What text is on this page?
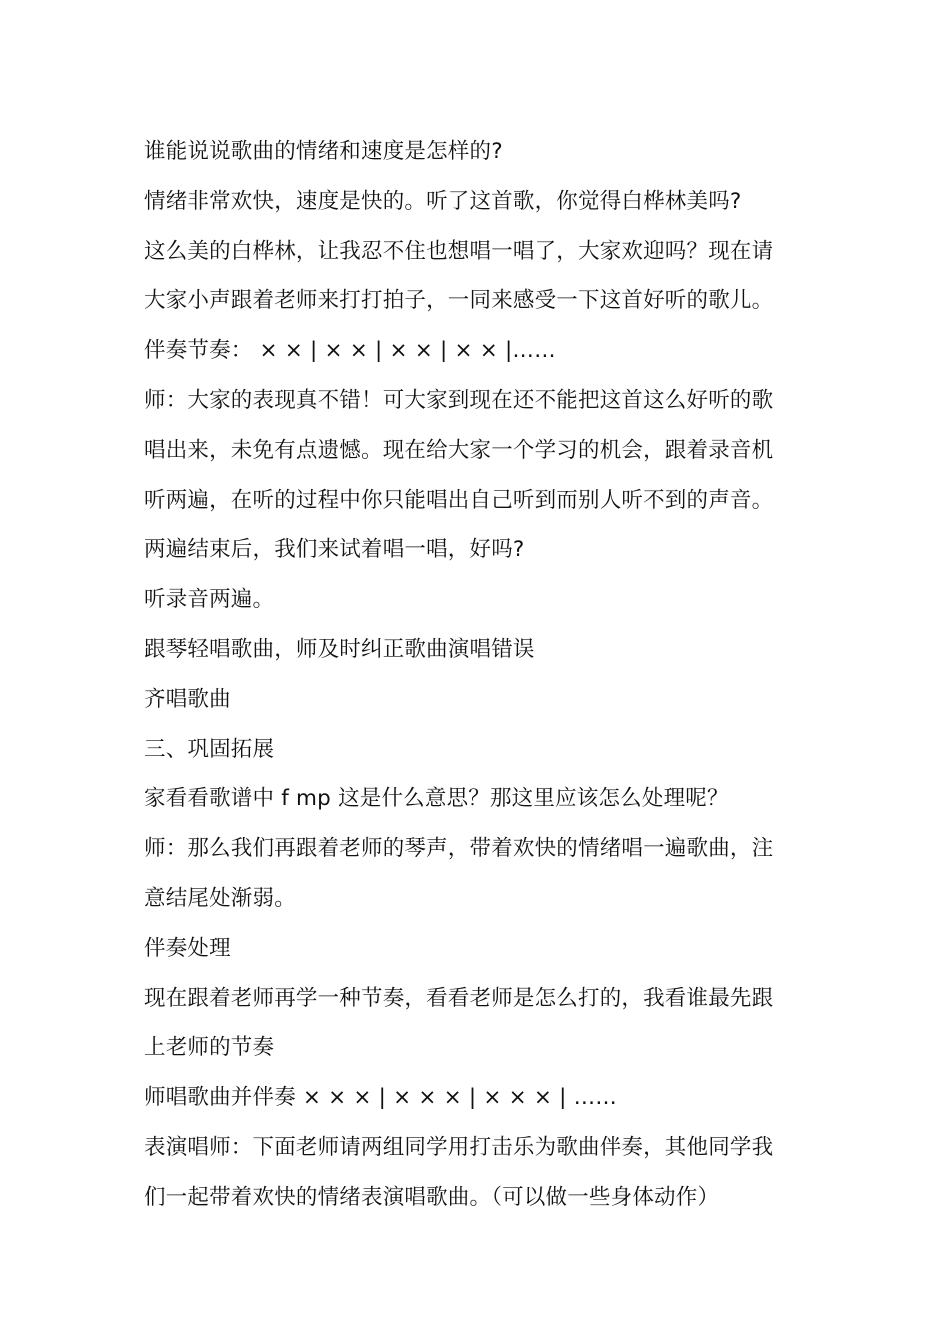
谁能说说歌曲的情绪和速度是怎样的?
情绪非常欢快，速度是快的。听了这首歌，你觉得白桦林美吗?
这么美的白桦林，让我忍不住也想唱一唱了，大家欢迎吗？现在请
大家小声跟着老师来打打拍子，一同来感受一下这首好听的歌儿。
伴奏节奏： × × | × × | × × | × × |……
师：大家的表现真不错！可大家到现在还不能把这首这么好听的歌
唱出来，未免有点遗憾。现在给大家一个学习的机会，跟着录音机
听两遍，在听的过程中你只能唱出自己听到而别人听不到的声音。
两遍结束后，我们来试着唱一唱，好吗?
听录音两遍。
跟琴轻唱歌曲，师及时纠正歌曲演唱错误
齐唱歌曲
三、巩固拓展
家看看歌谱中 f mp 这是什么意思？那这里应该怎么处理呢？
师：那么我们再跟着老师的琴声，带着欢快的情绪唱一遍歌曲，注
意结尾处渐弱。
伴奏处理
现在跟着老师再学一种节奏，看看老师是怎么打的，我看谁最先跟
上老师的节奏
师唱歌曲并伴奏 × × × | × × × | × × × | ……
表演唱师：下面老师请两组同学用打击乐为歌曲伴奏，其他同学我
们一起带着欢快的情绪表演唱歌曲。（可以做一些身体动作）
